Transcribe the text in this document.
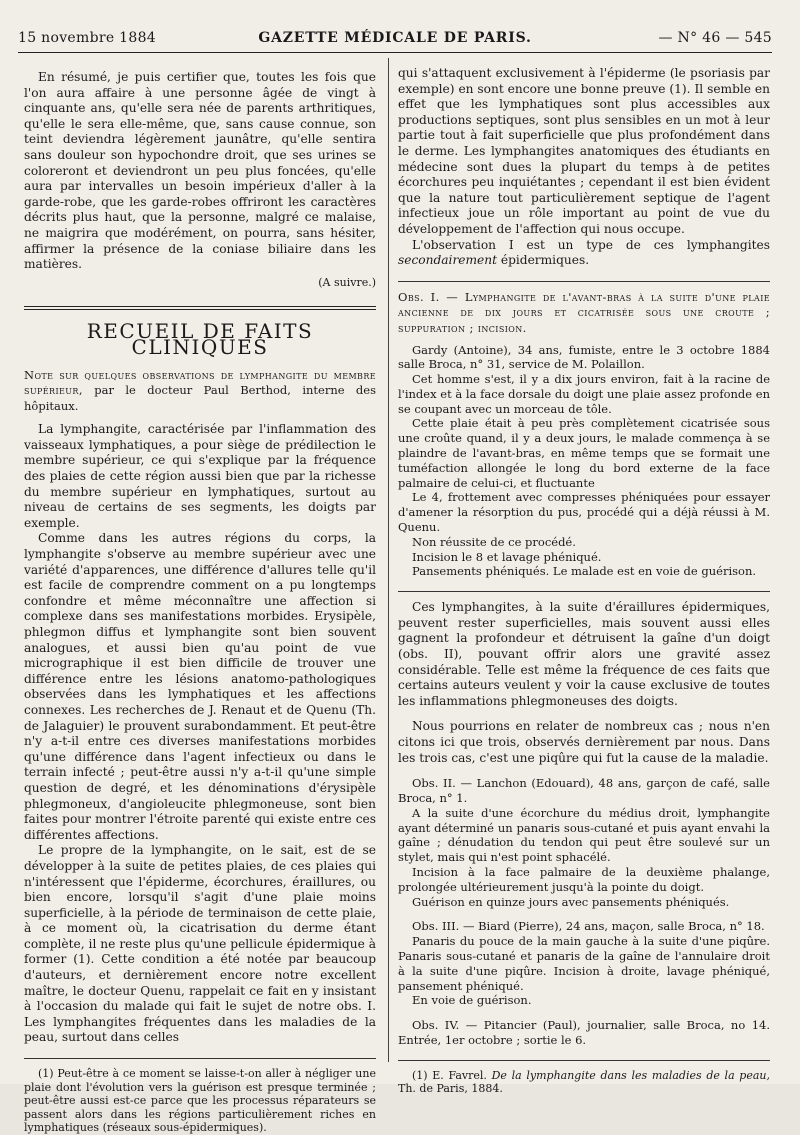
15 novembre 1884	GAZETTE MÉDICALE DE PARIS.	— N° 46 — 545

En résumé, je puis certifier que, toutes les fois que l'on aura affaire à une personne âgée de vingt à cinquante ans, qu'elle sera née de parents arthritiques, qu'elle le sera elle-même, que, sans cause connue, son teint deviendra légèrement jaunâtre, qu'elle sentira sans douleur son hypochondre droit, que ses urines se coloreront et deviendront un peu plus foncées, qu'elle aura par intervalles un besoin impérieux d'aller à la garde-robe, que les garde-robes offriront les caractères décrits plus haut, que la personne, malgré ce malaise, ne maigrira que modérément, on pourra, sans hésiter, affirmer la présence de la coniase biliaire dans les matières.

(A suivre.)
RECUEIL DE FAITS CLINIQUES

Note sur quelques observations de lymphangite du membre supérieur, par le docteur Paul Berthod, interne des hôpitaux.

La lymphangite, caractérisée par l'inflammation des vaisseaux lymphatiques, a pour siège de prédilection le membre supérieur, ce qui s'explique par la fréquence des plaies de cette région aussi bien que par la richesse du membre supérieur en lymphatiques, surtout au niveau de certains de ses segments, les doigts par exemple.

Comme dans les autres régions du corps, la lymphangite s'observe au membre supérieur avec une variété d'apparences, une différence d'allures telle qu'il est facile de comprendre comment on a pu longtemps confondre et même méconnaître une affection si complexe dans ses manifestations morbides. Erysipèle, phlegmon diffus et lymphangite sont bien souvent analogues, et aussi bien qu'au point de vue micrographique il est bien difficile de trouver une différence entre les lésions anatomo-pathologiques observées dans les lymphatiques et les affections connexes. Les recherches de J. Renaut et de Quenu (Th. de Jalaguier) le prouvent surabondamment. Et peut-être n'y a-t-il entre ces diverses manifestations morbides qu'une différence dans l'agent infectieux ou dans le terrain infecté ; peut-être aussi n'y a-t-il qu'une simple question de degré, et les dénominations d'érysipèle phlegmoneux, d'angioleucite phlegmoneuse, sont bien faites pour montrer l'étroite parenté qui existe entre ces différentes affections.

Le propre de la lymphangite, on le sait, est de se développer à la suite de petites plaies, de ces plaies qui n'intéressent que l'épiderme, écorchures, éraillures, ou bien encore, lorsqu'il s'agit d'une plaie moins superficielle, à la période de terminaison de cette plaie, à ce moment où, la cicatrisation du derme étant complète, il ne reste plus qu'une pellicule épidermique à former (1). Cette condition a été notée par beaucoup d'auteurs, et dernièrement encore notre excellent maître, le docteur Quenu, rappelait ce fait en y insistant à l'occasion du malade qui fait le sujet de notre obs. I. Les lymphangites fréquentes dans les maladies de la peau, surtout dans celles

(1) Peut-être à ce moment se laisse-t-on aller à négliger une plaie dont l'évolution vers la guérison est presque terminée ; peut-être aussi est-ce parce que les processus réparateurs se passent alors dans les régions particulièrement riches en lymphatiques (réseaux sous-épidermiques).

qui s'attaquent exclusivement à l'épiderme (le psoriasis par exemple) en sont encore une bonne preuve (1). Il semble en effet que les lymphatiques sont plus accessibles aux productions septiques, sont plus sensibles en un mot à leur partie tout à fait superficielle que plus profondément dans le derme. Les lymphangites anatomiques des étudiants en médecine sont dues la plupart du temps à de petites écorchures peu inquiétantes ; cependant il est bien évident que la nature tout particulièrement septique de l'agent infectieux joue un rôle important au point de vue du développement de l'affection qui nous occupe.

L'observation I est un type de ces lymphangites secondairement épidermiques.

Obs. I. — Lymphangite de l'avant-bras à la suite d'une plaie ancienne de dix jours et cicatrisée sous une croute ; suppuration ; incision.

Gardy (Antoine), 34 ans, fumiste, entre le 3 octobre 1884 salle Broca, n° 31, service de M. Polaillon.

Cet homme s'est, il y a dix jours environ, fait à la racine de l'index et à la face dorsale du doigt une plaie assez profonde en se coupant avec un morceau de tôle.

Cette plaie était à peu près complètement cicatrisée sous une croûte quand, il y a deux jours, le malade commença à se plaindre de l'avant-bras, en même temps que se formait une tuméfaction allongée le long du bord externe de la face palmaire de celui-ci, et fluctuante

Le 4, frottement avec compresses phéniquées pour essayer d'amener la résorption du pus, procédé qui a déjà réussi à M. Quenu.

Non réussite de ce procédé.

Incision le 8 et lavage phéniqué.

Pansements phéniqués. Le malade est en voie de guérison.

Ces lymphangites, à la suite d'éraillures épidermiques, peuvent rester superficielles, mais souvent aussi elles gagnent la profondeur et détruisent la gaîne d'un doigt (obs. II), pouvant offrir alors une gravité assez considérable. Telle est même la fréquence de ces faits que certains auteurs veulent y voir la cause exclusive de toutes les inflammations phlegmoneuses des doigts.

Nous pourrions en relater de nombreux cas ; nous n'en citons ici que trois, observés dernièrement par nous. Dans les trois cas, c'est une piqûre qui fut la cause de la maladie.

Obs. II. — Lanchon (Edouard), 48 ans, garçon de café, salle Broca, n° 1.

A la suite d'une écorchure du médius droit, lymphangite ayant déterminé un panaris sous-cutané et puis ayant envahi la gaîne ; dénudation du tendon qui peut être soulevé sur un stylet, mais qui n'est point sphacélé.

Incision à la face palmaire de la deuxième phalange, prolongée ultérieurement jusqu'à la pointe du doigt.

Guérison en quinze jours avec pansements phéniqués.

Obs. III. — Biard (Pierre), 24 ans, maçon, salle Broca, n° 18.

Panaris du pouce de la main gauche à la suite d'une piqûre. Panaris sous-cutané et panaris de la gaîne de l'annulaire droit à la suite d'une piqûre. Incision à droite, lavage phéniqué, pansement phéniqué.

En voie de guérison.

Obs. IV. — Pitancier (Paul), journalier, salle Broca, no 14. Entrée, 1er octobre ; sortie le 6.

(1) E. Favrel. De la lymphangite dans les maladies de la peau, Th. de Paris, 1884.
